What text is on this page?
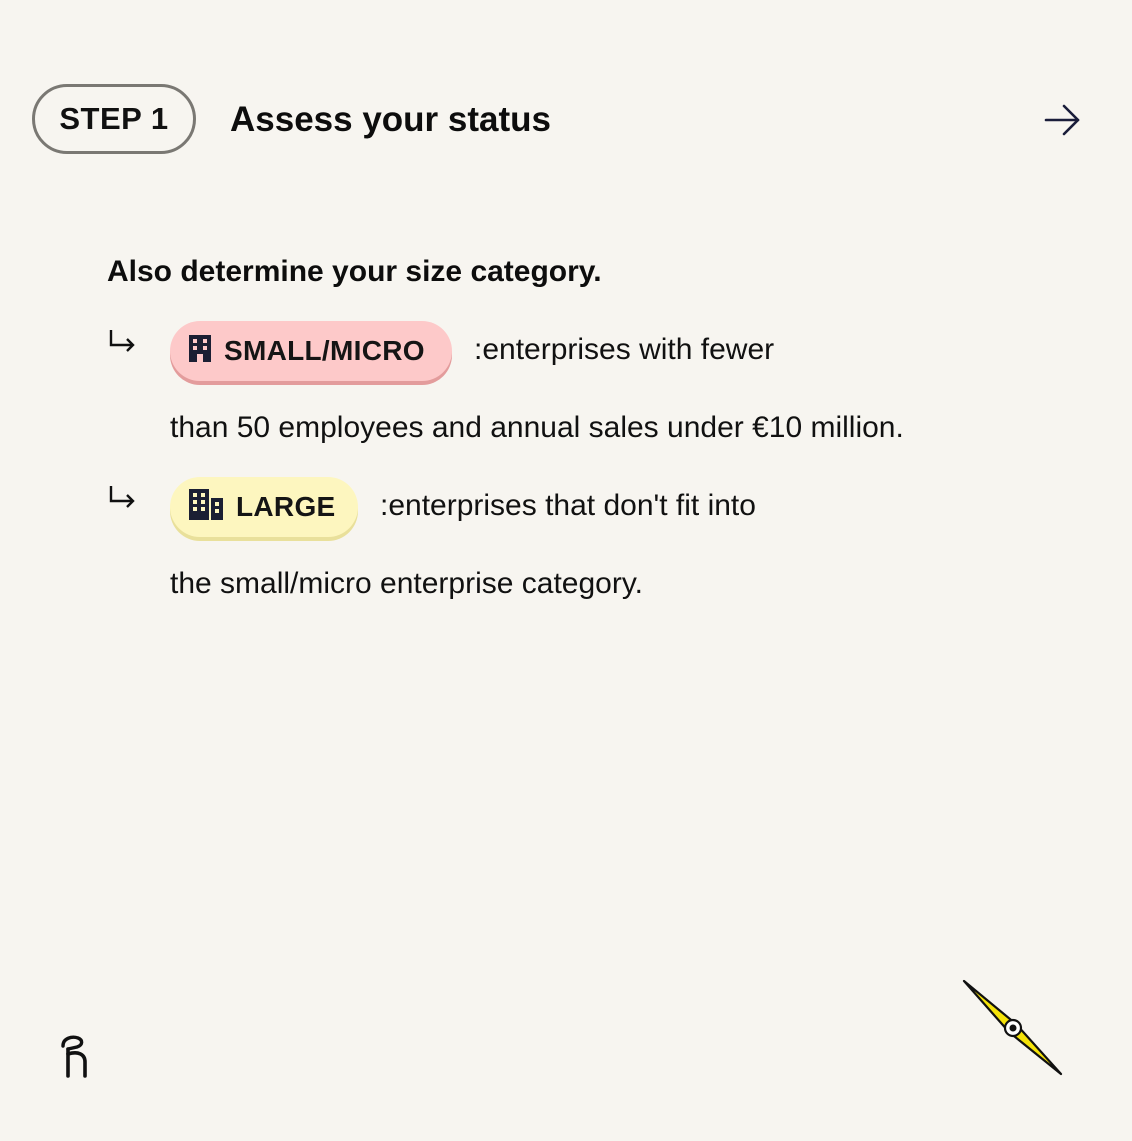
STEP 1 Assess your status
Also determine your size category.
SMALL/MICRO :enterprises with fewer
than 50 employees and annual sales under €10 million.
LARGE :enterprises that don't fit into
the small/micro enterprise category.
